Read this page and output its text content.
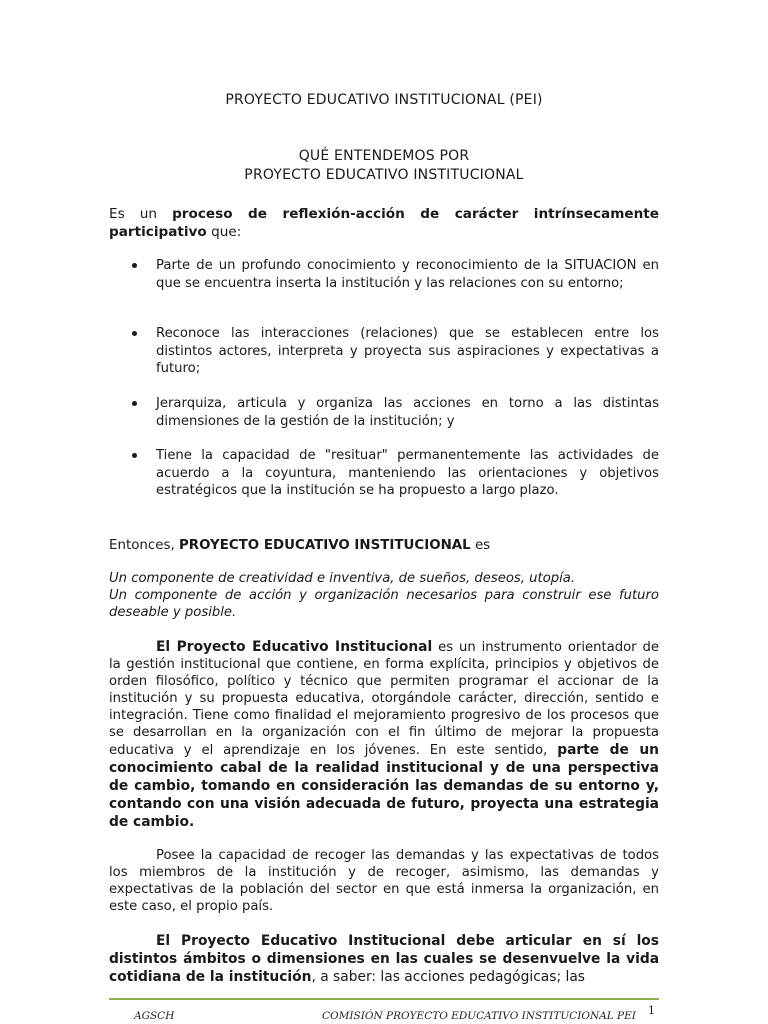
PROYECTO EDUCATIVO INSTITUCIONAL (PEI)
QUÉ ENTENDEMOS POR
PROYECTO EDUCATIVO INSTITUCIONAL

Es un proceso de reflexión-acción de carácter intrínsecamente participativo que:

Parte de un profundo conocimiento y reconocimiento de la SITUACION en que se encuentra inserta la institución y las relaciones con su entorno;
Reconoce las interacciones (relaciones) que se establecen entre los distintos actores, interpreta y proyecta sus aspiraciones y expectativas a futuro;
Jerarquiza, articula y organiza las acciones en torno a las distintas dimensiones de la gestión de la institución; y
Tiene la capacidad de "resituar" permanentemente las actividades de acuerdo a la coyuntura, manteniendo las orientaciones y objetivos estratégicos que la institución se ha propuesto a largo plazo.

Entonces, PROYECTO EDUCATIVO INSTITUCIONAL es

Un componente de creatividad e inventiva, de sueños, deseos, utopía.

Un componente de acción y organización necesarios para construir ese futuro deseable y posible.

El Proyecto Educativo Institucional es un instrumento orientador de la gestión institucional que contiene, en forma explícita, principios y objetivos de orden filosófico, político y técnico que permiten programar el accionar de la institución y su propuesta educativa, otorgándole carácter, dirección, sentido e integración. Tiene como finalidad el mejoramiento progresivo de los procesos que se desarrollan en la organización con el fin último de mejorar la propuesta educativa y el aprendizaje en los jóvenes. En este sentido, parte de un conocimiento cabal de la realidad institucional y de una perspectiva de cambio, tomando en consideración las demandas de su entorno y, contando con una visión adecuada de futuro, proyecta una estrategia de cambio.

Posee la capacidad de recoger las demandas y las expectativas de todos los miembros de la institución y de recoger, asimismo, las demandas y expectativas de la población del sector en que está inmersa la organización, en este caso, el propio país.

El Proyecto Educativo Institucional debe articular en sí los distintos ámbitos o dimensiones en las cuales se desenvuelve la vida cotidiana de la institución, a saber: las acciones pedagógicas; las

1
AGSCH	COMISIÓN PROYECTO EDUCATIVO INSTITUCIONAL PEI
